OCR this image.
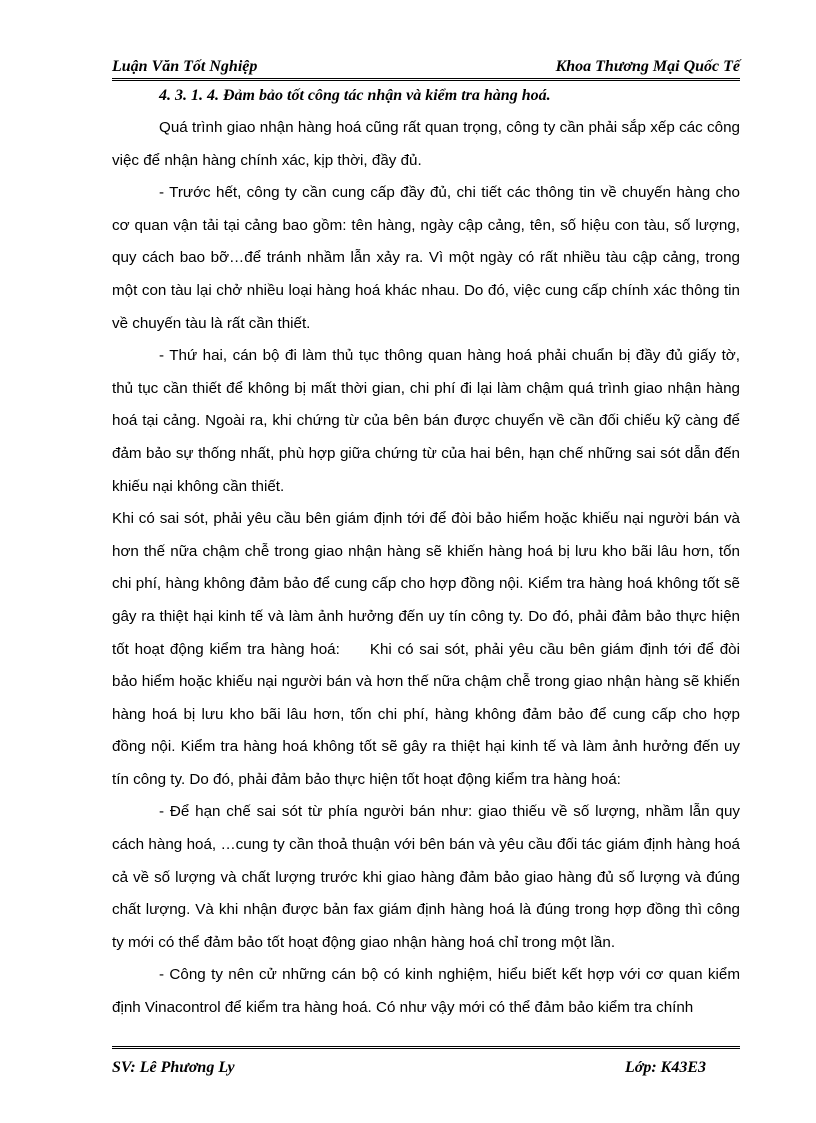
Luận Văn Tốt Nghiệp	Khoa Thương Mại Quốc Tế
4. 3. 1. 4. Đảm bảo tốt công tác nhận và kiểm tra hàng hoá.

Quá trình giao nhận hàng hoá cũng rất quan trọng, công ty cần phải sắp xếp các công việc để nhận hàng chính xác, kịp thời, đầy đủ.

- Trước hết, công ty cần cung cấp đầy đủ, chi tiết các thông tin về chuyến hàng cho cơ quan vận tải tại cảng bao gồm: tên hàng, ngày cập cảng, tên, số hiệu con tàu, số lượng, quy cách bao bỡ…để tránh nhầm lẫn xảy ra. Vì một ngày có rất nhiều tàu cập cảng, trong một con tàu lại chở nhiều loại hàng hoá khác nhau. Do đó, việc cung cấp chính xác thông tin về chuyến tàu là rất cần thiết.

- Thứ hai, cán bộ đi làm thủ tục thông quan hàng hoá phải chuẩn bị đầy đủ giấy tờ, thủ tục cần thiết để không bị mất thời gian, chi phí đi lại làm chậm quá trình giao nhận hàng hoá tại cảng. Ngoài ra, khi chứng từ của bên bán được chuyển về cần đối chiếu kỹ càng để đảm bảo sự thống nhất, phù hợp giữa chứng từ của hai bên, hạn chế những sai sót dẫn đến khiếu nại không cần thiết.

Khi có sai sót, phải yêu cầu bên giám định tới để đòi bảo hiểm hoặc khiếu nại người bán và hơn thế nữa chậm chễ trong giao nhận hàng sẽ khiến hàng hoá bị lưu kho bãi lâu hơn, tốn chi phí, hàng không đảm bảo để cung cấp cho hợp đồng nội. Kiểm tra hàng hoá không tốt sẽ gây ra thiệt hại kinh tế và làm ảnh hưởng đến uy tín công ty. Do đó, phải đảm bảo thực hiện tốt hoạt động kiểm tra hàng hoá: Khi có sai sót, phải yêu cầu bên giám định tới để đòi bảo hiểm hoặc khiếu nại người bán và hơn thế nữa chậm chễ trong giao nhận hàng sẽ khiến hàng hoá bị lưu kho bãi lâu hơn, tốn chi phí, hàng không đảm bảo để cung cấp cho hợp đồng nội. Kiểm tra hàng hoá không tốt sẽ gây ra thiệt hại kinh tế và làm ảnh hưởng đến uy tín công ty. Do đó, phải đảm bảo thực hiện tốt hoạt động kiểm tra hàng hoá:

- Để hạn chế sai sót từ phía người bán như: giao thiếu về số lượng, nhầm lẫn quy cách hàng hoá, …cung ty cần thoả thuận với bên bán và yêu cầu đối tác giám định hàng hoá cả về số lượng và chất lượng trước khi giao hàng đảm bảo giao hàng đủ số lượng và đúng chất lượng. Và khi nhận được bản fax giám định hàng hoá là đúng trong hợp đồng thì công ty mới có thể đảm bảo tốt hoạt động giao nhận hàng hoá chỉ trong một lần.

- Công ty nên cử những cán bộ có kinh nghiệm, hiểu biết kết hợp với cơ quan kiểm định Vinacontrol để kiểm tra hàng hoá. Có như vậy mới có thể đảm bảo kiểm tra chính

SV: Lê Phương Ly	Lớp: K43E3
